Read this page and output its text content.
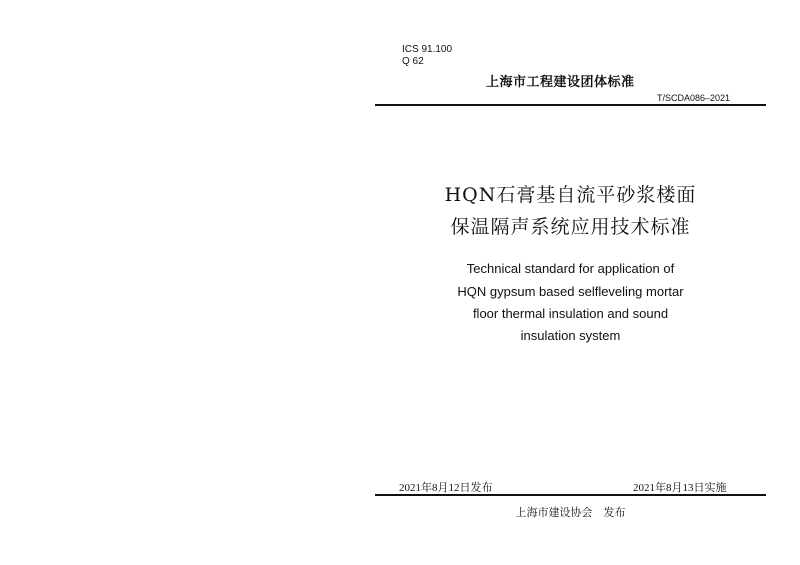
ICS 91.100
Q 62
上海市工程建设团体标准
T/SCDA086–2021
HQN石膏基自流平砂浆楼面
保温隔声系统应用技术标准
Technical standard for application of
HQN gypsum based selfleveling mortar
floor thermal insulation and sound
insulation system
2021年8月12日发布	2021年8月13日实施
上海市建设协会　发布
